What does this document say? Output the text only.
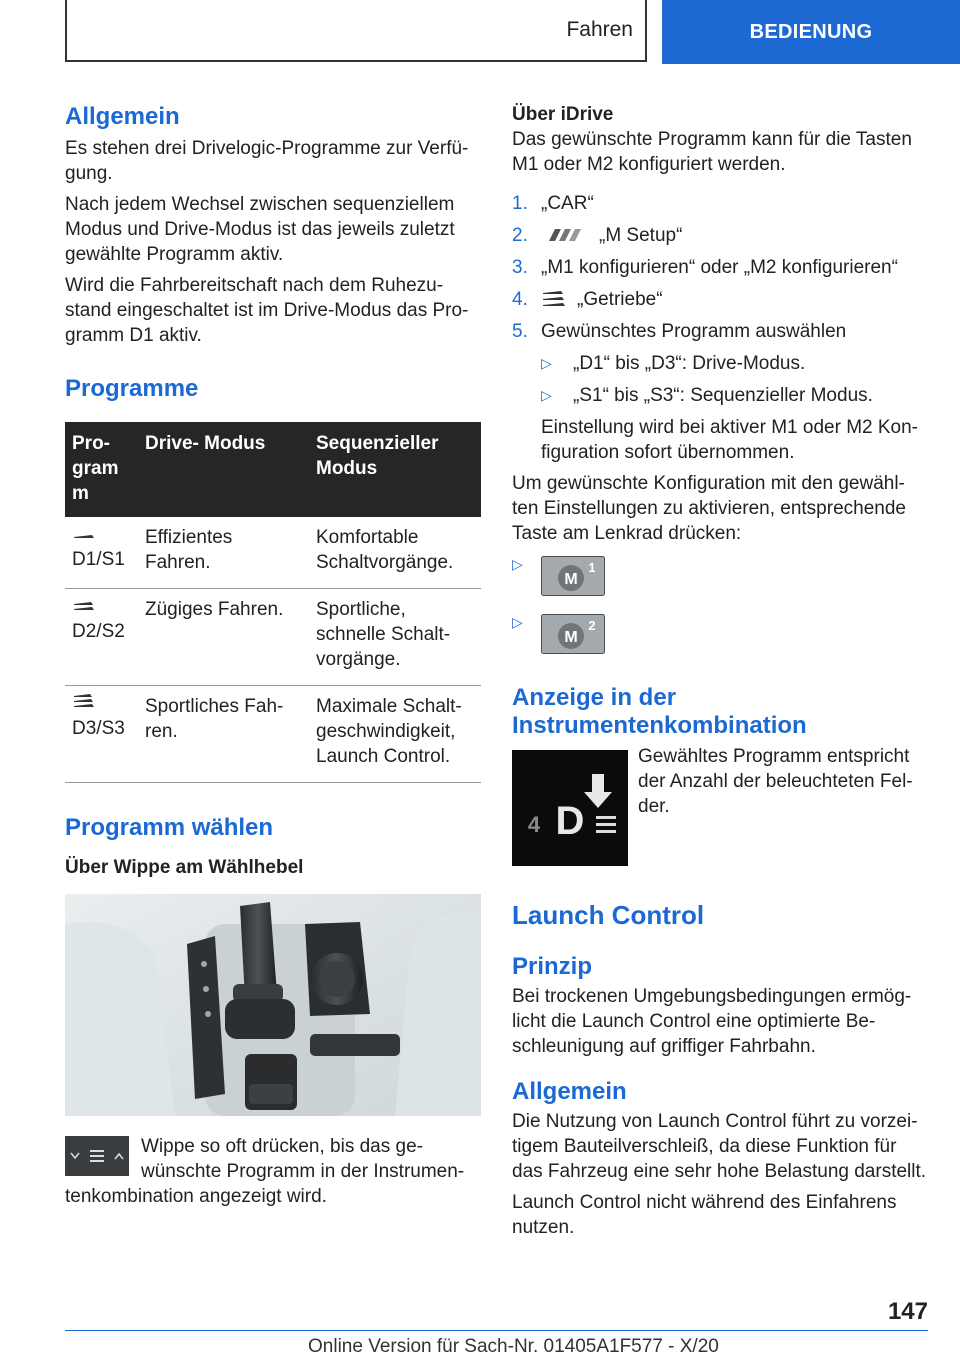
Fahren	BEDIENUNG
Allgemein

Es stehen drei Drivelogic-Programme zur Verfü-gung.

Nach jedem Wechsel zwischen sequenziellem Modus und Drive-Modus ist das jeweils zuletzt gewählte Programm aktiv.

Wird die Fahrbereitschaft nach dem Ruhezu-stand eingeschaltet ist im Drive-Modus das Pro-gramm D1 aktiv.

Programme
Pro-gram m	Drive- Modus	Sequenzieller Modus

D1/S1	Effizientes Fahren.	Komfortable Schaltvorgänge.

D2/S2	Zügiges Fahren.	Sportliche, schnelle Schalt-vorgänge.

D3/S3	Sportliches Fah-ren.	Maximale Schalt-geschwindigkeit, Launch Control.
Programm wählen
Über Wippe am Wählhebel
Wippe so oft drücken, bis das ge-wünschte Programm in der Instrumen-tenkombination angezeigt wird.
Über iDrive

Das gewünschte Programm kann für die Tasten M1 oder M2 konfiguriert werden.

1. „CAR“
2.	„M Setup“
3. „M1 konfigurieren“ oder „M2 konfigurieren“
4.	„Getriebe“
5. Gewünschtes Programm auswählen
▷	„D1“ bis „D3“: Drive-Modus.
▷	„S1“ bis „S3“: Sequenzieller Modus.

Einstellung wird bei aktiver M1 oder M2 Kon-figuration sofort übernommen.

Um gewünschte Konfiguration mit den gewähl-ten Einstellungen zu aktivieren, entsprechende Taste am Lenkrad drücken:

▷
M
1
▷
M
2
Anzeige in der Instrumentenkombination
4 D
Gewähltes Programm entspricht der Anzahl der beleuchteten Fel-der.
Launch Control
Prinzip

Bei trockenen Umgebungsbedingungen ermög-licht die Launch Control eine optimierte Be-schleunigung auf griffiger Fahrbahn.

Allgemein

Die Nutzung von Launch Control führt zu vorzei-tigem Bauteilverschleiß, da diese Funktion für das Fahrzeug eine sehr hohe Belastung darstellt.

Launch Control nicht während des Einfahrens nutzen.

147
Online Version für Sach-Nr. 01405A1F577 - X/20
